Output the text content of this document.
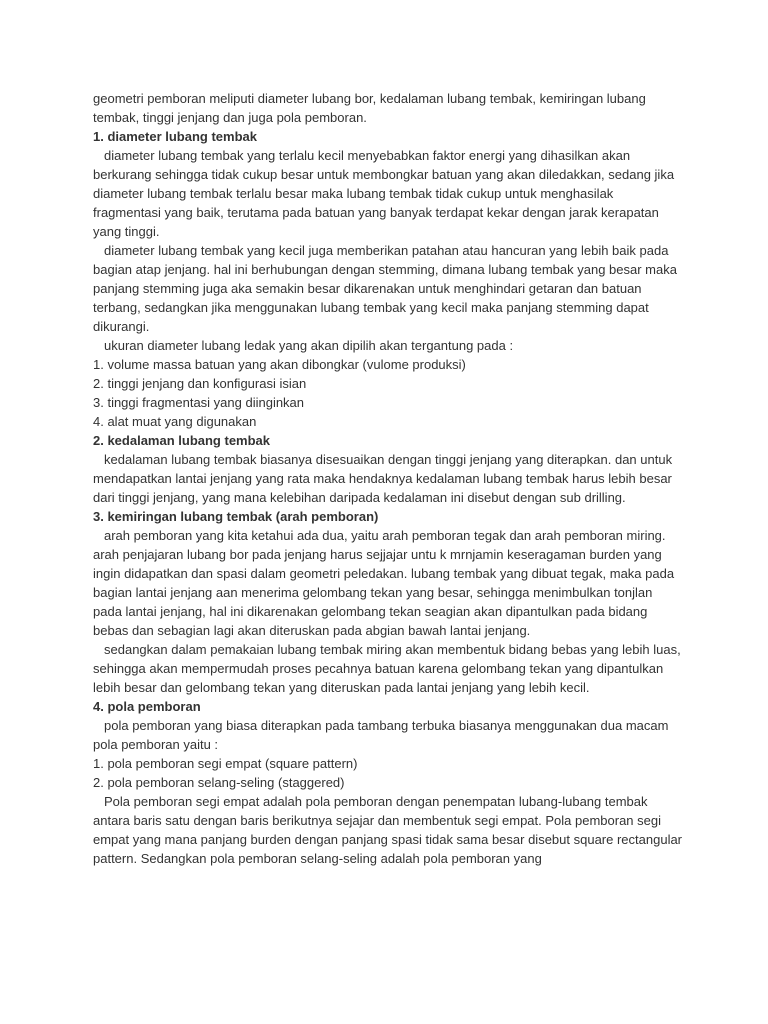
geometri pemboran meliputi diameter lubang bor, kedalaman lubang tembak, kemiringan lubang tembak, tinggi jenjang dan juga pola pemboran.

1. diameter lubang tembak

diameter lubang tembak yang terlalu kecil menyebabkan faktor energi yang dihasilkan akan berkurang sehingga tidak cukup besar untuk membongkar batuan yang akan diledakkan, sedang jika diameter lubang tembak terlalu besar maka lubang tembak tidak cukup untuk menghasilak fragmentasi yang baik, terutama pada batuan yang banyak terdapat kekar dengan jarak kerapatan yang tinggi.

diameter lubang tembak yang kecil juga memberikan patahan atau hancuran yang lebih baik pada bagian atap jenjang. hal ini berhubungan dengan stemming, dimana lubang tembak yang besar maka panjang stemming juga aka semakin besar dikarenakan untuk menghindari getaran dan batuan terbang, sedangkan jika menggunakan lubang tembak yang kecil maka panjang stemming dapat dikurangi.

ukuran diameter lubang ledak yang akan dipilih akan tergantung pada :

1. volume massa batuan yang akan dibongkar (vulome produksi)
2. tinggi jenjang dan konfigurasi isian
3. tinggi fragmentasi yang diinginkan
4. alat muat yang digunakan
2. kedalaman lubang tembak

kedalaman lubang tembak biasanya disesuaikan dengan tinggi jenjang yang diterapkan. dan untuk mendapatkan lantai jenjang yang rata maka hendaknya kedalaman lubang tembak harus lebih besar dari tinggi jenjang, yang mana kelebihan daripada kedalaman ini disebut dengan sub drilling.

3. kemiringan lubang tembak (arah pemboran)

arah pemboran yang kita ketahui ada dua, yaitu arah pemboran tegak dan arah pemboran miring. arah penjajaran lubang bor pada jenjang harus sejjajar untu k mrnjamin keseragaman burden yang ingin didapatkan dan spasi dalam geometri peledakan. lubang tembak yang dibuat tegak, maka pada bagian lantai jenjang aan menerima gelombang tekan yang besar, sehingga menimbulkan tonjlan pada lantai jenjang, hal ini dikarenakan gelombang tekan seagian akan dipantulkan pada bidang bebas dan sebagian lagi akan diteruskan pada abgian bawah lantai jenjang.

sedangkan dalam pemakaian lubang tembak miring akan membentuk bidang bebas yang lebih luas, sehingga akan mempermudah proses pecahnya batuan karena gelombang tekan yang dipantulkan lebih besar dan gelombang tekan yang diteruskan pada lantai jenjang yang lebih kecil.

4. pola pemboran

pola pemboran yang biasa diterapkan pada tambang terbuka biasanya menggunakan dua macam pola pemboran yaitu :

1. pola pemboran segi empat (square pattern)
2. pola pemboran selang-seling (staggered)

Pola pemboran segi empat adalah pola pemboran dengan penempatan lubang-lubang tembak antara baris satu dengan baris berikutnya sejajar dan membentuk segi empat. Pola pemboran segi empat yang mana panjang burden dengan panjang spasi tidak sama besar disebut square rectangular pattern. Sedangkan pola pemboran selang-seling adalah pola pemboran yang
